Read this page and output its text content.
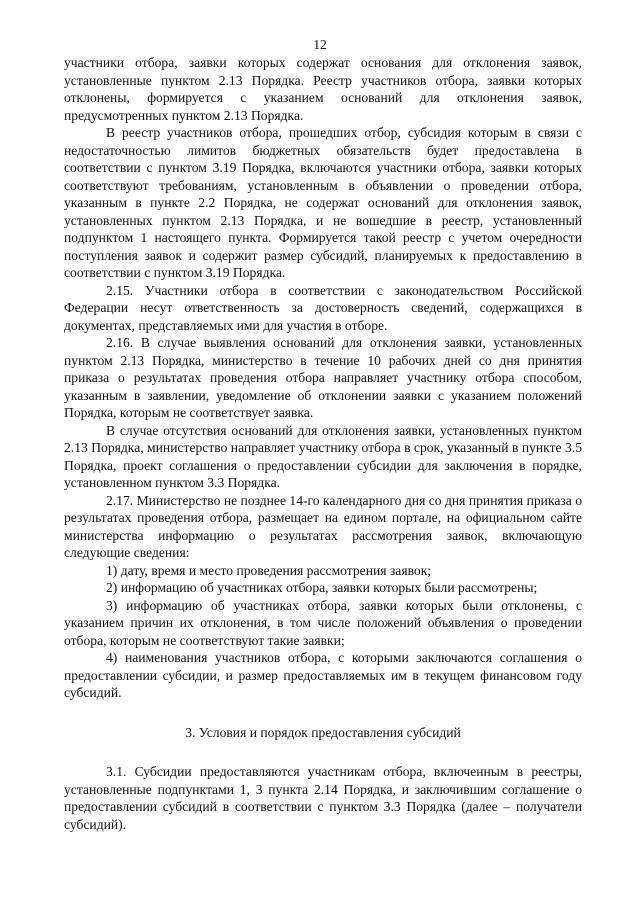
12

участники отбора, заявки которых содержат основания для отклонения заявок, установленные пунктом 2.13 Порядка. Реестр участников отбора, заявки которых отклонены, формируется с указанием оснований для отклонения заявок, предусмотренных пунктом 2.13 Порядка.

В реестр участников отбора, прошедших отбор, субсидия которым в связи с недостаточностью лимитов бюджетных обязательств будет предоставлена в соответствии с пунктом 3.19 Порядка, включаются участники отбора, заявки которых соответствуют требованиям, установленным в объявлении о проведении отбора, указанным в пункте 2.2 Порядка, не содержат оснований для отклонения заявок, установленных пунктом 2.13 Порядка, и не вошедшие в реестр, установленный подпунктом 1 настоящего пункта. Формируется такой реестр с учетом очередности поступления заявок и содержит размер субсидий, планируемых к предоставлению в соответствии с пунктом 3.19 Порядка.

2.15. Участники отбора в соответствии с законодательством Российской Федерации несут ответственность за достоверность сведений, содержащихся в документах, представляемых ими для участия в отборе.

2.16. В случае выявления оснований для отклонения заявки, установленных пунктом 2.13 Порядка, министерство в течение 10 рабочих дней со дня принятия приказа о результатах проведения отбора направляет участнику отбора способом, указанным в заявлении, уведомление об отклонении заявки с указанием положений Порядка, которым не соответствует заявка.

В случае отсутствия оснований для отклонения заявки, установленных пунктом 2.13 Порядка, министерство направляет участнику отбора в срок, указанный в пункте 3.5 Порядка, проект соглашения о предоставлении субсидии для заключения в порядке, установленном пунктом 3.3 Порядка.

2.17. Министерство не позднее 14-го календарного дня со дня принятия приказа о результатах проведения отбора, размещает на едином портале, на официальном сайте министерства информацию о результатах рассмотрения заявок, включающую следующие сведения:

1) дату, время и место проведения рассмотрения заявок;

2) информацию об участниках отбора, заявки которых были рассмотрены;

3) информацию об участниках отбора, заявки которых были отклонены, с указанием причин их отклонения, в том числе положений объявления о проведении отбора, которым не соответствуют такие заявки;

4) наименования участников отбора, с которыми заключаются соглашения о предоставлении субсидии, и размер предоставляемых им в текущем финансовом году субсидий.

3. Условия и порядок предоставления субсидий

3.1. Субсидии предоставляются участникам отбора, включенным в реестры, установленные подпунктами 1, 3 пункта 2.14 Порядка, и заключившим соглашение о предоставлении субсидий в соответствии с пунктом 3.3 Порядка (далее – получатели субсидий).
